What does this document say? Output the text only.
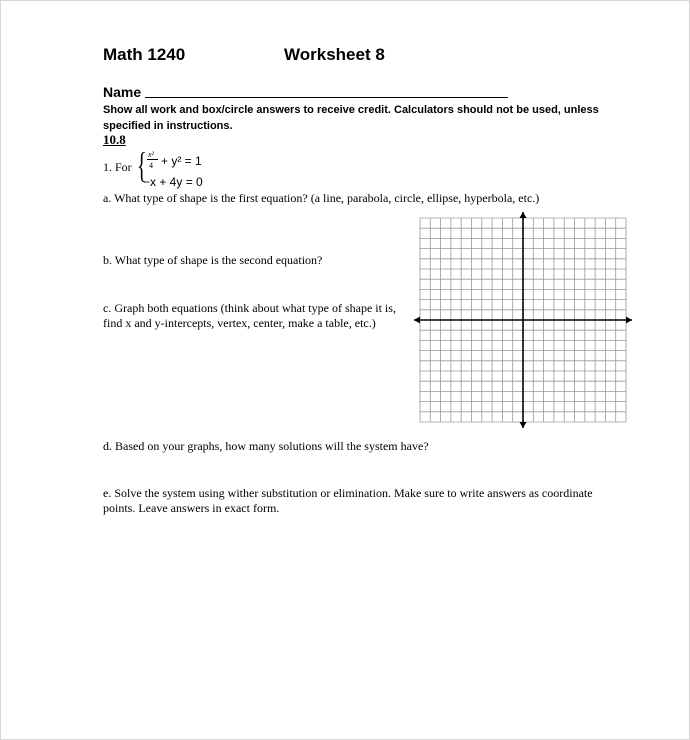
Math 1240	Worksheet 8
Name
Show all work and box/circle answers to receive credit. Calculators should not be used, unless specified in instructions.
10.8
1. For { x²
4 + y² = 1
−x + 4y = 0
a. What type of shape is the first equation? (a line, parabola, circle, ellipse, hyperbola, etc.)
b. What type of shape is the second equation?
c. Graph both equations (think about what type of shape it is, find x and y-intercepts, vertex, center, make a table, etc.)
d. Based on your graphs, how many solutions will the system have?
e. Solve the system using wither substitution or elimination. Make sure to write answers as coordinate points. Leave answers in exact form.
